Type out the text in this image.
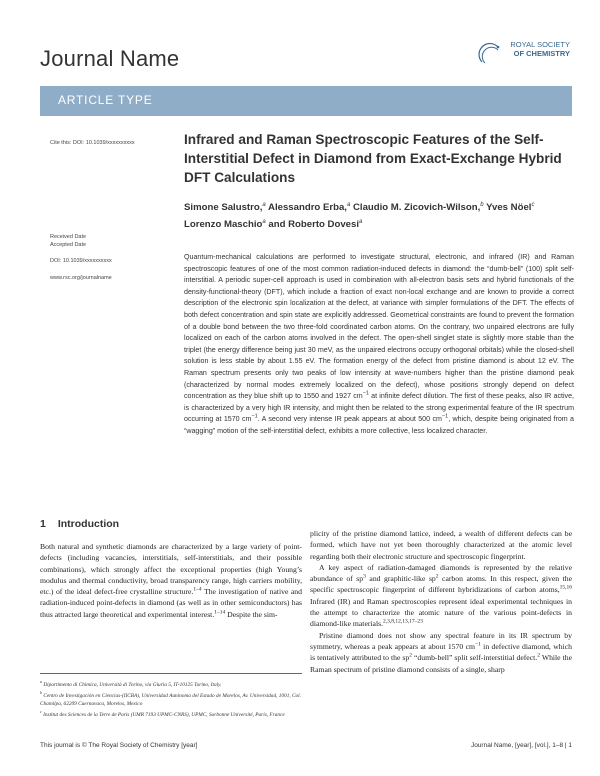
Journal Name
ROYAL SOCIETY
OF CHEMISTRY
ARTICLE TYPE
Cite this: DOI: 10.1039/xxxxxxxxxx
Received Date
Accepted Date
DOI: 10.1039/xxxxxxxxxx
www.rsc.org/journalname
Infrared and Raman Spectroscopic Features of the Self-Interstitial Defect in Diamond from Exact-Exchange Hybrid DFT Calculations
Simone Salustro,$^a$ Alessandro Erba,$^a$ Claudio M. Zicovich-Wilson,$^b$ Yves Nöel$^c$
Lorenzo Maschio$^a$ and Roberto Dovesi$^a$
Quantum-mechanical calculations are performed to investigate structural, electronic, and infrared (IR) and Raman spectroscopic features of one of the most common radiation-induced defects in diamond: the “dumb-bell” (100) split self-interstitial. A periodic super-cell approach is used in combination with all-electron basis sets and hybrid functionals of the density-functional-theory (DFT), which include a fraction of exact non-local exchange and are known to provide a correct description of the electronic spin localization at the defect, at variance with simpler formulations of the DFT. The effects of both defect concentration and spin state are explicitly addressed. Geometrical constraints are found to prevent the formation of a double bond between the two three-fold coordinated carbon atoms. On the contrary, two unpaired electrons are fully localized on each of the carbon atoms involved in the defect. The open-shell singlet state is slightly more stable than the triplet (the energy difference being just 30 meV, as the unpaired electrons occupy orthogonal orbitals) while the closed-shell solution is less stable by about 1.55 eV. The formation energy of the defect from pristine diamond is about 12 eV. The Raman spectrum presents only two peaks of low intensity at wave-numbers higher than the pristine diamond peak (characterized by normal modes extremely localized on the defect), whose positions strongly depend on defect concentration as they blue shift up to 1550 and 1927 $cm^{-1}$ at infinite defect dilution. The first of these peaks, also IR active, is characterized by a very high IR intensity, and might then be related to the strong experimental feature of the IR spectrum occurring at 1570 $cm^{-1}$. A second very intense IR peak appears at about 500 $cm^{-1}$, which, despite being originated from a “wagging” motion of the self-interstitial defect, exhibits a more collective, less localized character.
1 Introduction

Both natural and synthetic diamonds are characterized by a large variety of point-defects (including vacancies, interstitials, self-interstitials, and their possible combinations), which strongly affect the exceptional properties (high Young’s modulus and thermal conductivity, broad transparency range, high carriers mobility, etc.) of the ideal defect-free crystalline structure.$^{1-4}$ The investigation of native and radiation-induced point-defects in diamond (as well as in other semiconductors) has thus attracted large theoretical and experimental interest.$^{1-14}$ Despite the sim-

$^a$ Dipartimento di Chimica, Università di Torino, via Giuria 5, IT-10125 Torino, Italy.
$^b$ Centro de Investigación en Ciencias-(IICBA), Universidad Autónoma del Estado de Morelos, Av. Universidad, 1001, Col. Chamilpa, 62209 Cuernavaca, Morelos, Mexico
$^c$ Institut des Sciences de la Terre de Paris (UMR 7193 UPMC-CNRS), UPMC, Sorbonne Université, Paris, France

plicity of the pristine diamond lattice, indeed, a wealth of different defects can be formed, which have not yet been thoroughly characterized at the atomic level regarding both their electronic structure and spectroscopic fingerprint.

A key aspect of radiation-damaged diamonds is represented by the relative abundance of $sp^3$ and graphitic-like $sp^2$ carbon atoms. In this respect, given the specific spectroscopic fingerprint of different hybridizations of carbon atoms,$^{15,16}$ Infrared (IR) and Raman spectroscopies represent ideal experimental techniques in the attempt to characterize the atomic nature of the various point-defects in diamond-like materials.$^{2,3,8,12,13,17-23}$

Pristine diamond does not show any spectral feature in its IR spectrum by symmetry, whereas a peak appears at about 1570 $cm^{-1}$ in defective diamond, which is tentatively attributed to the $sp^2$ “dumb-bell” split self-interstitial defect.$^2$ While the Raman spectrum of pristine diamond consists of a single, sharp

This journal is © The Royal Society of Chemistry [year]	Journal Name, [year], [vol.], 1–8 | 1
